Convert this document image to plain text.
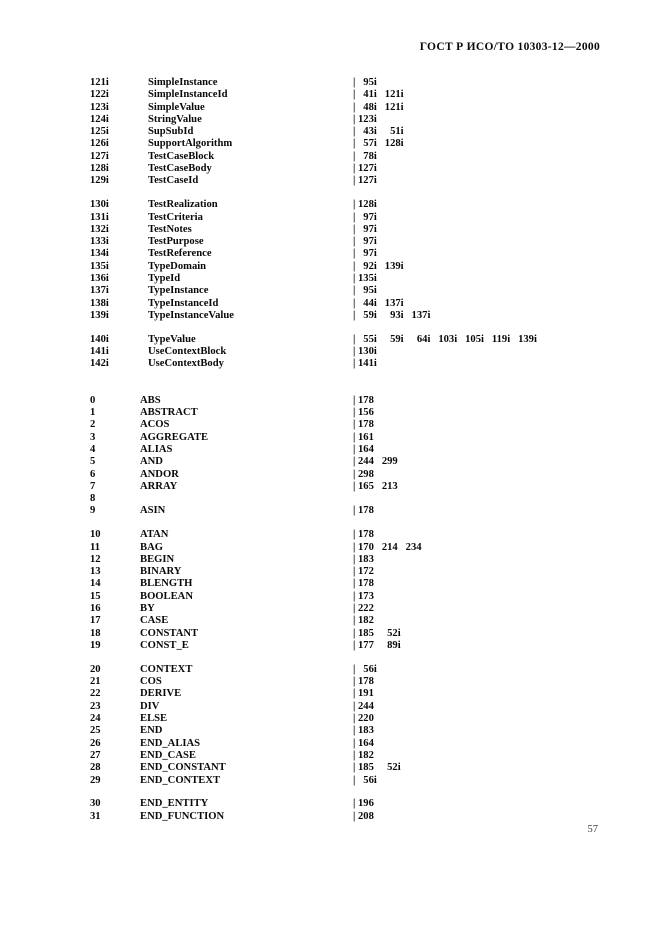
ГОСТ Р ИСО/ТО 10303-12—2000
121i	SimpleInstance	|  95i
122i	SimpleInstanceId	|  41i   121i
123i	SimpleValue	|  48i   121i
124i	StringValue	| 123i
125i	SupSubId	|  43i    51i
126i	SupportAlgorithm	|  57i   128i
127i	TestCaseBlock	|  78i
128i	TestCaseBody	| 127i
129i	TestCaseId	| 127i
130i	TestRealization	| 128i
131i	TestCriteria	|  97i
132i	TestNotes	|  97i
133i	TestPurpose	|  97i
134i	TestReference	|  97i
135i	TypeDomain	|  92i   139i
136i	TypeId	| 135i
137i	TypeInstance	|  95i
138i	TypeInstanceId	|  44i   137i
139i	TypeInstanceValue	|  59i    93i   137i
140i	TypeValue	|  55i    59i    64i   103i   105i   119i   139i
141i	UseContextBlock	| 130i
142i	UseContextBody	| 141i
0	ABS	| 178
1	ABSTRACT	| 156
2	ACOS	| 178
3	AGGREGATE	| 161
4	ALIAS	| 164
5	AND	| 244   299
6	ANDOR	| 298
7	ARRAY	| 165   213
8
9	ASIN	| 178
10	ATAN	| 178
11	BAG	| 170   214   234
12	BEGIN	| 183
13	BINARY	| 172
14	BLENGTH	| 178
15	BOOLEAN	| 173
16	BY	| 222
17	CASE	| 182
18	CONSTANT	| 185    52i
19	CONST_E	| 177    89i
20	CONTEXT	|  56i
21	COS	| 178
22	DERIVE	| 191
23	DIV	| 244
24	ELSE	| 220
25	END	| 183
26	END_ALIAS	| 164
27	END_CASE	| 182
28	END_CONSTANT	| 185    52i
29	END_CONTEXT	|  56i
30	END_ENTITY	| 196
31	END_FUNCTION	| 208
57
